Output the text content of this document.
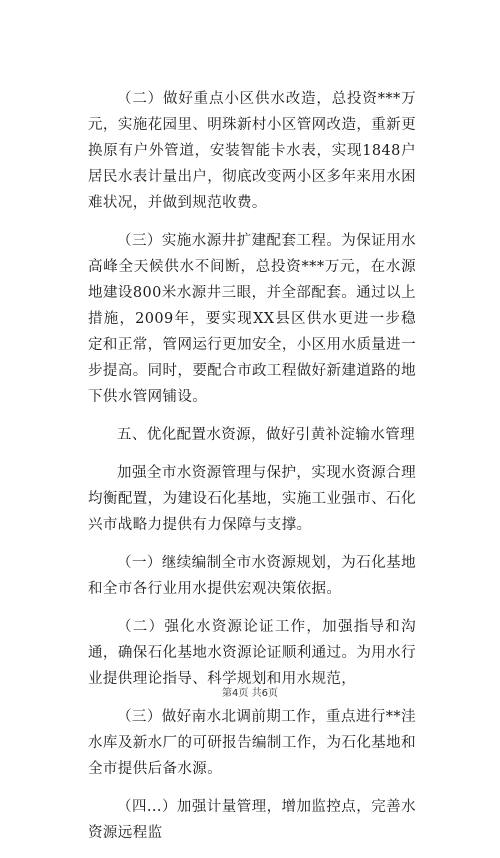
（二）做好重点小区供水改造，总投资***万元，实施花园里、明珠新村小区管网改造，重新更换原有户外管道，安装智能卡水表，实现1848户居民水表计量出户，彻底改变两小区多年来用水困难状况，并做到规范收费。

（三）实施水源井扩建配套工程。为保证用水高峰全天候供水不间断，总投资***万元，在水源地建设800米水源井三眼，并全部配套。通过以上措施，2009年，要实现XX县区供水更进一步稳定和正常，管网运行更加安全，小区用水质量进一步提高。同时，要配合市政工程做好新建道路的地下供水管网铺设。

五、优化配置水资源，做好引黄补淀输水管理

加强全市水资源管理与保护，实现水资源合理均衡配置，为建设石化基地，实施工业强市、石化兴市战略力提供有力保障与支撑。

（一）继续编制全市水资源规划，为石化基地和全市各行业用水提供宏观决策依据。

（二）强化水资源论证工作，加强指导和沟通，确保石化基地水资源论证顺利通过。为用水行业提供理论指导、科学规划和用水规范，

（三）做好南水北调前期工作，重点进行**洼水库及新水厂的可研报告编制工作，为石化基地和全市提供后备水源。

（四...）加强计量管理，增加监控点，完善水资源远程监

第4页 共6页
